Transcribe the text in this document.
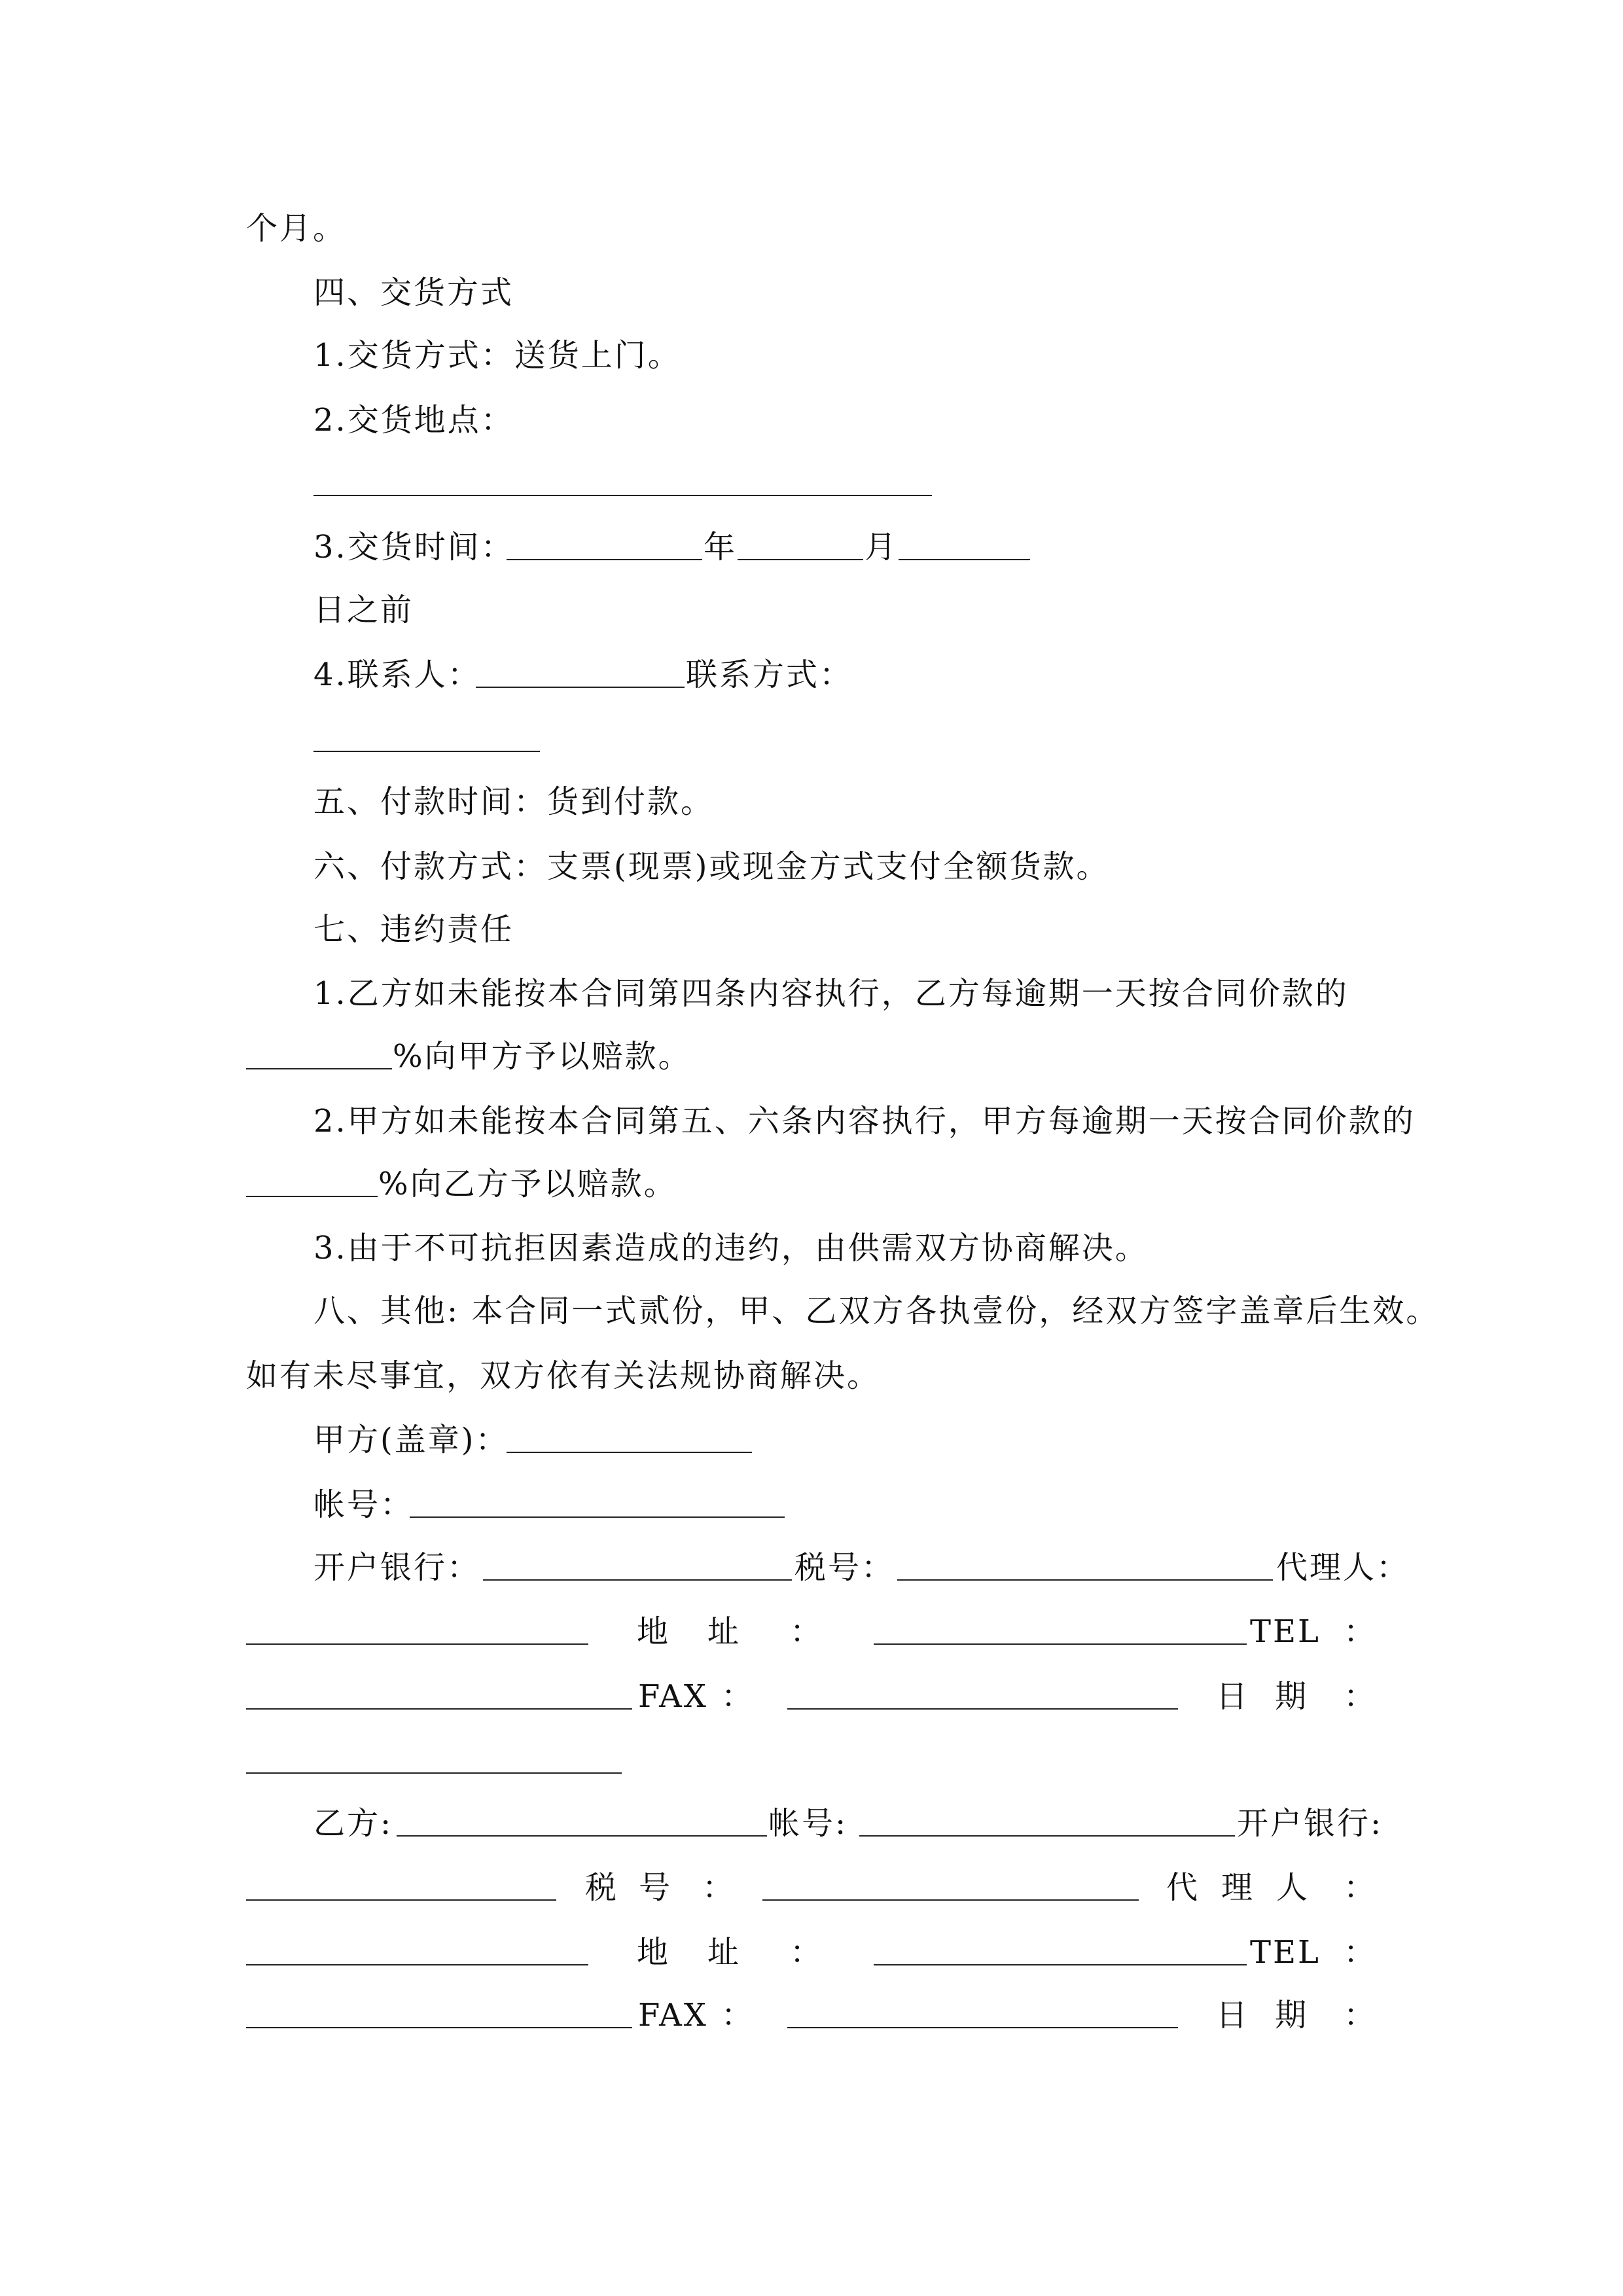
个月。
四、交货方式
1.交货方式：送货上门。
2.交货地点：
3.交货时间：	年	月
日之前
4.联系人：	联系方式：
五、付款时间：货到付款。
六、付款方式：支票(现票)或现金方式支付全额货款。
七、违约责任
1.乙方如未能按本合同第四条内容执行，乙方每逾期一天按合同价款的
%向甲方予以赔款。
2.甲方如未能按本合同第五、六条内容执行，甲方每逾期一天按合同价款的
%向乙方予以赔款。
3.由于不可抗拒因素造成的违约，由供需双方协商解决。
八、其他: 本合同一式贰份，甲、乙双方各执壹份，经双方签字盖章后生效。
如有未尽事宜，双方依有关法规协商解决。
甲方(盖章)：
帐号：
开户银行：	税号：	代理人：
地址 ：	TEL ：
FAX ：	日期 ：
乙方:	帐号:	开户银行:
税号 ：	代理人 ：
地址 ：	TEL ：
FAX ：	日期 ：
